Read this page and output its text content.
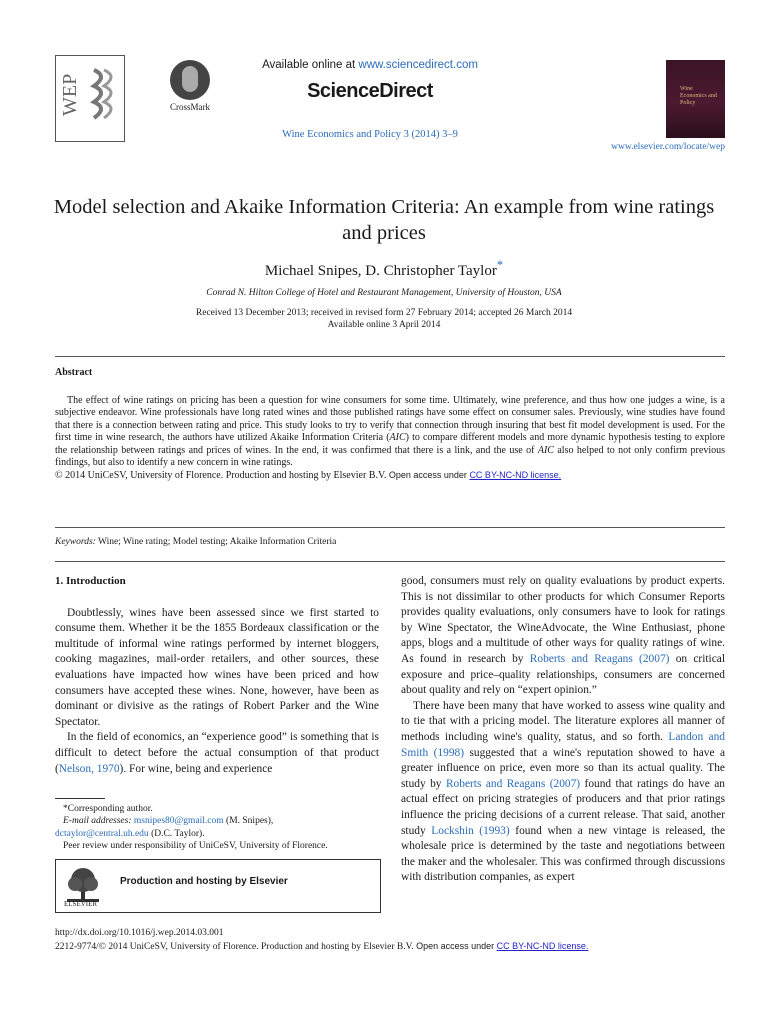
WEP	CrossMark
Available online at www.sciencedirect.com
ScienceDirect
Wine Economics and Policy 3 (2014) 3–9
Wine Economics and Policy
www.elsevier.com/locate/wep
Model selection and Akaike Information Criteria: An example from wine ratings and prices
Michael Snipes, D. Christopher Taylor*
Conrad N. Hilton College of Hotel and Restaurant Management, University of Houston, USA
Received 13 December 2013; received in revised form 27 February 2014; accepted 26 March 2014
Available online 3 April 2014
Abstract

The effect of wine ratings on pricing has been a question for wine consumers for some time. Ultimately, wine preference, and thus how one judges a wine, is a subjective endeavor. Wine professionals have long rated wines and those published ratings have some effect on consumer sales. Previously, wine studies have found that there is a connection between rating and price. This study looks to try to verify that connection through insuring that best fit model development is used. For the first time in wine research, the authors have utilized Akaike Information Criteria (AIC) to compare different models and more dynamic hypothesis testing to explore the relationship between ratings and prices of wines. In the end, it was confirmed that there is a link, and the use of AIC also helped to not only confirm previous findings, but also to identify a new concern in wine ratings.

© 2014 UniCeSV, University of Florence. Production and hosting by Elsevier B.V. Open access under CC BY-NC-ND license.

Keywords: Wine; Wine rating; Model testing; Akaike Information Criteria

1. Introduction

Doubtlessly, wines have been assessed since we first started to consume them. Whether it be the 1855 Bordeaux classification or the multitude of informal wine ratings performed by internet bloggers, cooking magazines, mail-order retailers, and other sources, these evaluations have impacted how wines have been priced and how consumers have accepted these wines. None, however, have been as dominant or divisive as the ratings of Robert Parker and the Wine Spectator.

In the field of economics, an “experience good” is something that is difficult to detect before the actual consumption of that product (Nelson, 1970). For wine, being and experience

*Corresponding author.

E-mail addresses: msnipes80@gmail.com (M. Snipes),

dctaylor@central.uh.edu (D.C. Taylor).

Peer review under responsibility of UniCeSV, University of Florence.

ELSEVIER
Production and hosting by Elsevier

good, consumers must rely on quality evaluations by product experts. This is not dissimilar to other products for which Consumer Reports provides quality evaluations, only consumers have to look for ratings by Wine Spectator, the WineAdvocate, the Wine Enthusiast, phone apps, blogs and a multitude of other ways for quality ratings of wine. As found in research by Roberts and Reagans (2007) on critical exposure and price–quality relationships, consumers are concerned about quality and rely on “expert opinion.”

There have been many that have worked to assess wine quality and to tie that with a pricing model. The literature explores all manner of methods including wine's quality, status, and so forth. Landon and Smith (1998) suggested that a wine's reputation showed to have a greater influence on price, even more so than its actual quality. The study by Roberts and Reagans (2007) found that ratings do have an actual effect on pricing strategies of producers and that prior ratings influence the pricing decisions of a current release. That said, another study Lockshin (1993) found when a new vintage is released, the wholesale price is determined by the taste and negotiations between the maker and the wholesaler. This was confirmed through discussions with distribution companies, as expert

http://dx.doi.org/10.1016/j.wep.2014.03.001
2212-9774/© 2014 UniCeSV, University of Florence. Production and hosting by Elsevier B.V. Open access under CC BY-NC-ND license.
